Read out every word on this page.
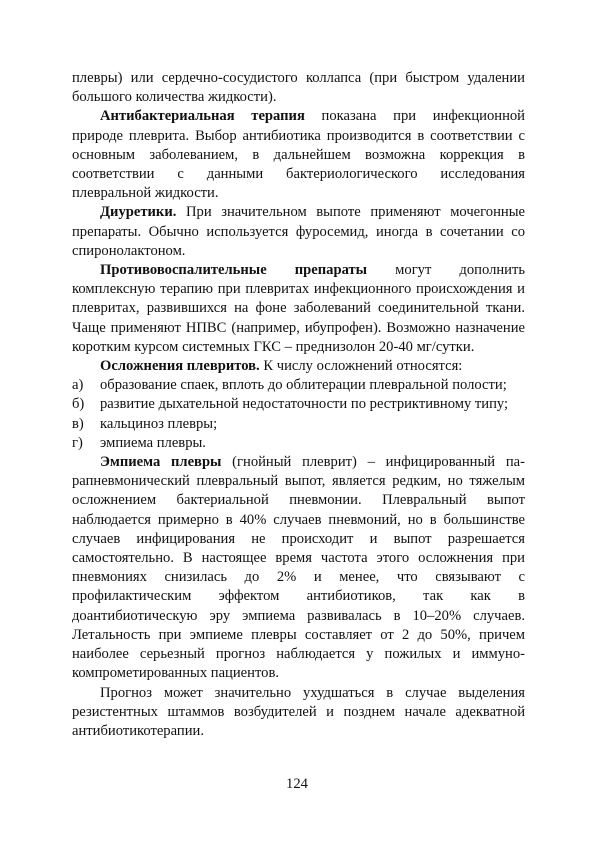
плевры) или сердечно-сосудистого коллапса (при быстром удалении большого количества жидкости).

Антибактериальная терапия показана при инфекционной природе плеврита. Выбор антибиотика производится в соответствии с основным заболеванием, в дальнейшем возможна коррекция в соответствии с данными бактериологического исследования плевральной жидкости.

Диуретики. При значительном выпоте применяют мочегонные препараты. Обычно используется фуросемид, иногда в сочетании со спиронолактоном.

Противовоспалительные препараты могут дополнить комплексную терапию при плевритах инфекционного происхождения и плевритах, развившихся на фоне заболеваний соединительной ткани. Чаще применяют НПВС (например, ибупрофен). Возможно назначение коротким курсом системных ГКС – преднизолон 20-40 мг/сутки.

Осложнения плевритов. К числу осложнений относятся:

а) образование спаек, вплоть до облитерации плевральной полости;
б) развитие дыхательной недостаточности по рестриктивному типу;
в) кальциноз плевры;
г) эмпиема плевры.

Эмпиема плевры (гнойный плеврит) – инфицированный парапневмонический плевральный выпот, является редким, но тяжелым осложнением бактериальной пневмонии. Плевральный выпот наблюдается примерно в 40% случаев пневмоний, но в большинстве случаев инфицирования не происходит и выпот разрешается самостоятельно. В настоящее время частота этого осложнения при пневмониях снизилась до 2% и менее, что связывают с профилактическим эффектом антибиотиков, так как в доантибиотическую эру эмпиема развивалась в 10–20% случаев. Летальность при эмпиеме плевры составляет от 2 до 50%, причем наиболее серьезный прогноз наблюдается у пожилых и иммунокомпрометированных пациентов.

Прогноз может значительно ухудшаться в случае выделения резистентных штаммов возбудителей и позднем начале адекватной антибиотикотерапии.

124
